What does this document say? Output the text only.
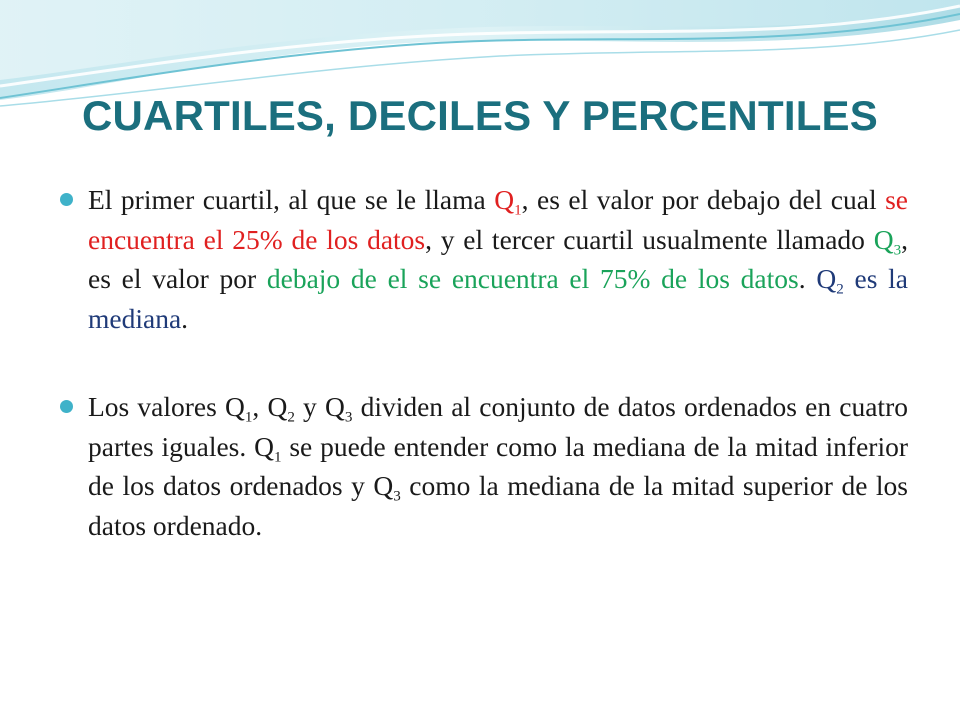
CUARTILES, DECILES Y PERCENTILES
El primer cuartil, al que se le llama $Q_1$, es el valor por debajo del cual se encuentra el 25% de los datos, y el tercer cuartil usualmente llamado $Q_3$, es el valor por debajo de el se encuentra el 75% de los datos. $Q_2$ es la mediana.
Los valores $Q_1$, $Q_2$ y $Q_3$ dividen al conjunto de datos ordenados en cuatro partes iguales. $Q_1$ se puede entender como la mediana de la mitad inferior de los datos ordenados y $Q_3$ como la mediana de la mitad superior de los datos ordenado.
